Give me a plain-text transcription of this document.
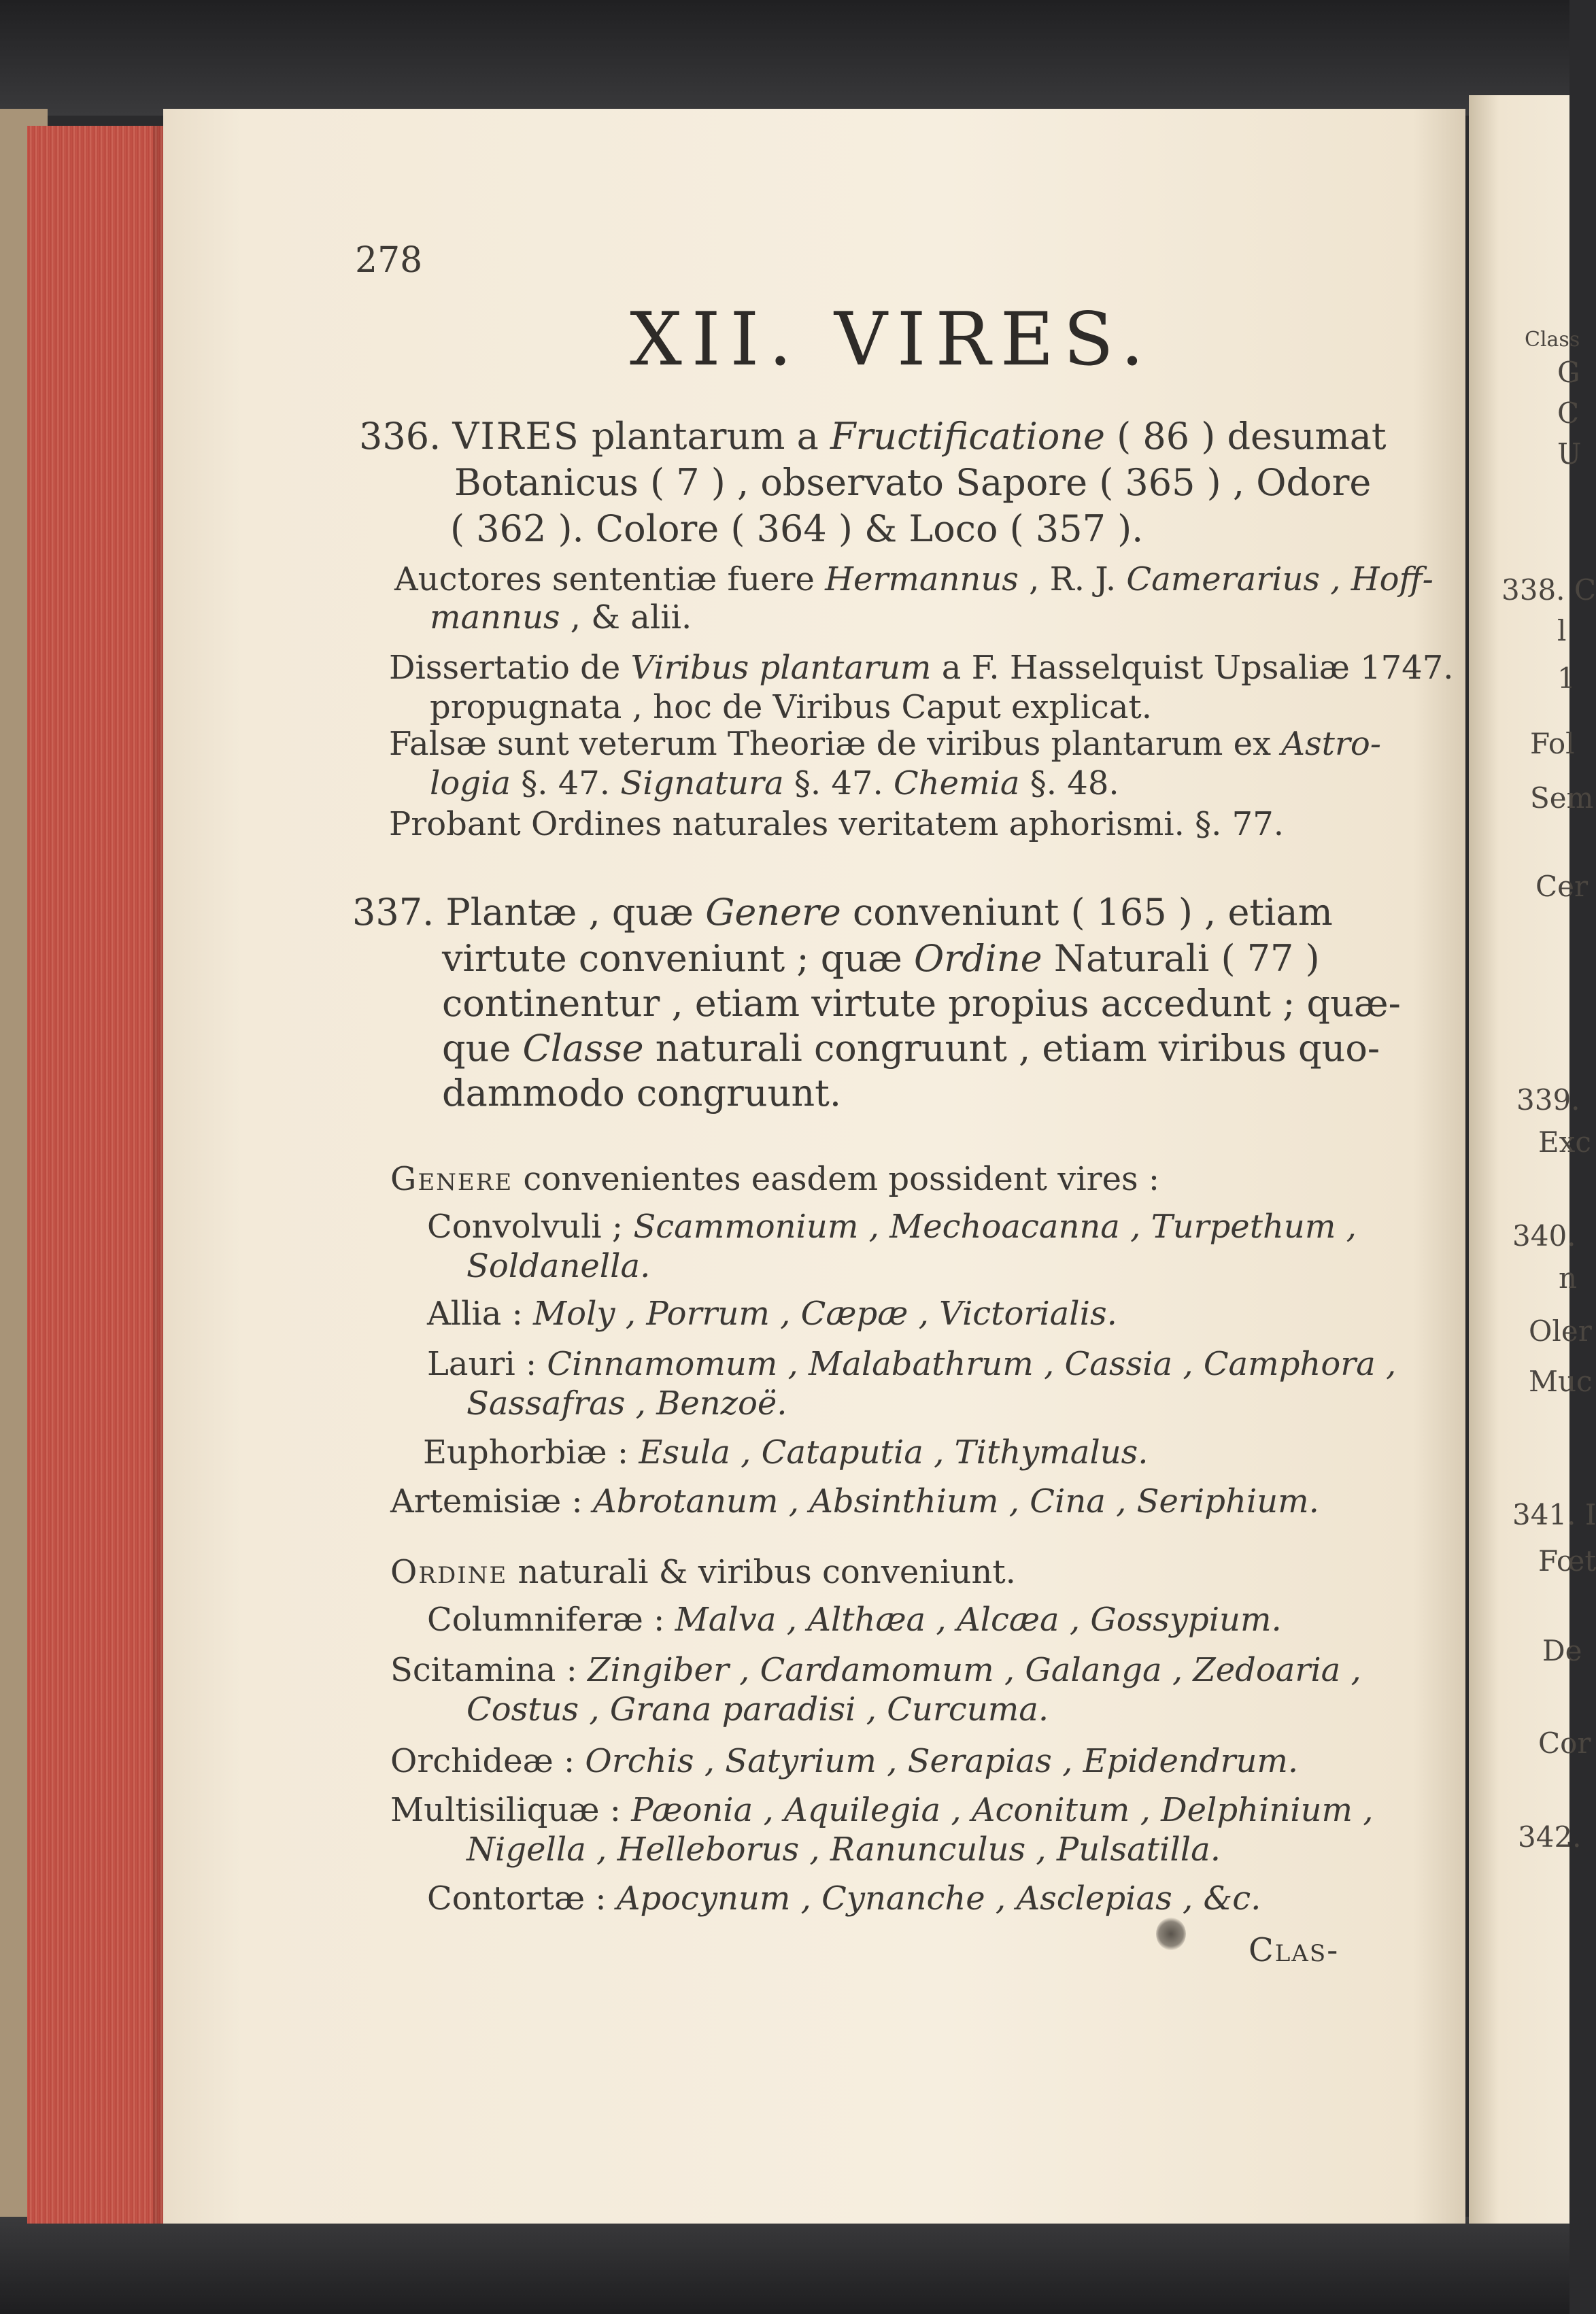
278
XII. VIRES.
336. VIRES plantarum a Fructificatione ( 86 ) desumat
Botanicus ( 7 ) , observato Sapore ( 365 ) , Odore
( 362 ). Colore ( 364 ) & Loco ( 357 ).
Auctores sententiæ fuere Hermannus , R. J. Camerarius , Hoff-
mannus , & alii.
Dissertatio de Viribus plantarum a F. Hasselquist Upsaliæ 1747.
propugnata , hoc de Viribus Caput explicat.
Falsæ sunt veterum Theoriæ de viribus plantarum ex Astro-
logia §. 47. Signatura §. 47. Chemia §. 48.
Probant Ordines naturales veritatem aphorismi. §. 77.
337. Plantæ , quæ Genere conveniunt ( 165 ) , etiam
virtute conveniunt ; quæ Ordine Naturali ( 77 )
continentur , etiam virtute propius accedunt ; quæ-
que Classe naturali congruunt , etiam viribus quo-
dammodo congruunt.
Genere convenientes easdem possident vires :
Convolvuli ; Scammonium , Mechoacanna , Turpethum ,
Soldanella.
Allia : Moly , Porrum , Cæpæ , Victorialis.
Lauri : Cinnamomum , Malabathrum , Cassia , Camphora ,
Sassafras , Benzoë.
Euphorbiæ : Esula , Cataputia , Tithymalus.
Artemisiæ : Abrotanum , Absinthium , Cina , Seriphium.
Ordine naturali & viribus conveniunt.
Columniferæ : Malva , Althæa , Alcæa , Gossypium.
Scitamina : Zingiber , Cardamomum , Galanga , Zedoaria ,
Costus , Grana paradisi , Curcuma.
Orchideæ : Orchis , Satyrium , Serapias , Epidendrum.
Multisiliquæ : Pæonia , Aquilegia , Aconitum , Delphinium ,
Nigella , Helleborus , Ranunculus , Pulsatilla.
Contortæ : Apocynum , Cynanche , Asclepias , &c.
Clas-
Class
G
C
U
338. C
l
1
Fol
Sem
Cer
339.
Exc
340.
n
Oler
Muc
341. I
Fœt
De
Cor
342.
